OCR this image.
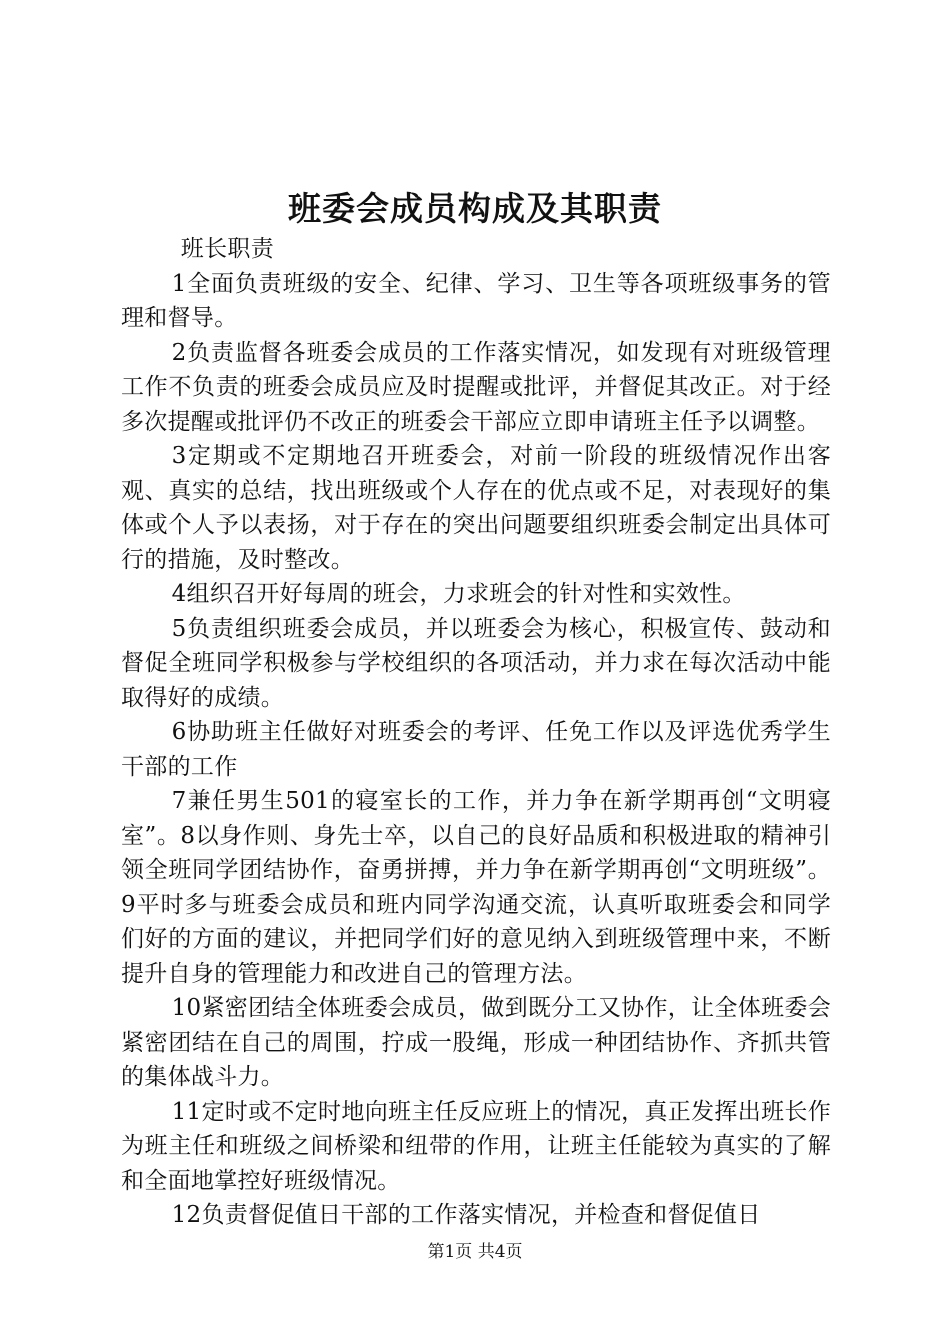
班委会成员构成及其职责

班长职责

1全面负责班级的安全、纪律、学习、卫生等各项班级事务的管理和督导。

2负责监督各班委会成员的工作落实情况，如发现有对班级管理工作不负责的班委会成员应及时提醒或批评，并督促其改正。对于经多次提醒或批评仍不改正的班委会干部应立即申请班主任予以调整。

3定期或不定期地召开班委会，对前一阶段的班级情况作出客观、真实的总结，找出班级或个人存在的优点或不足，对表现好的集体或个人予以表扬，对于存在的突出问题要组织班委会制定出具体可行的措施，及时整改。

4组织召开好每周的班会，力求班会的针对性和实效性。

5负责组织班委会成员，并以班委会为核心，积极宣传、鼓动和督促全班同学积极参与学校组织的各项活动，并力求在每次活动中能取得好的成绩。

6协助班主任做好对班委会的考评、任免工作以及评选优秀学生干部的工作

7兼任男生501的寝室长的工作，并力争在新学期再创“文明寝室”。8以身作则、身先士卒，以自己的良好品质和积极进取的精神引领全班同学团结协作，奋勇拼搏，并力争在新学期再创“文明班级”。9平时多与班委会成员和班内同学沟通交流，认真听取班委会和同学们好的方面的建议，并把同学们好的意见纳入到班级管理中来，不断提升自身的管理能力和改进自己的管理方法。

10紧密团结全体班委会成员，做到既分工又协作，让全体班委会紧密团结在自己的周围，拧成一股绳，形成一种团结协作、齐抓共管的集体战斗力。

11定时或不定时地向班主任反应班上的情况，真正发挥出班长作为班主任和班级之间桥梁和纽带的作用，让班主任能较为真实的了解和全面地掌控好班级情况。

12负责督促值日干部的工作落实情况，并检查和督促值日

第1页 共4页
